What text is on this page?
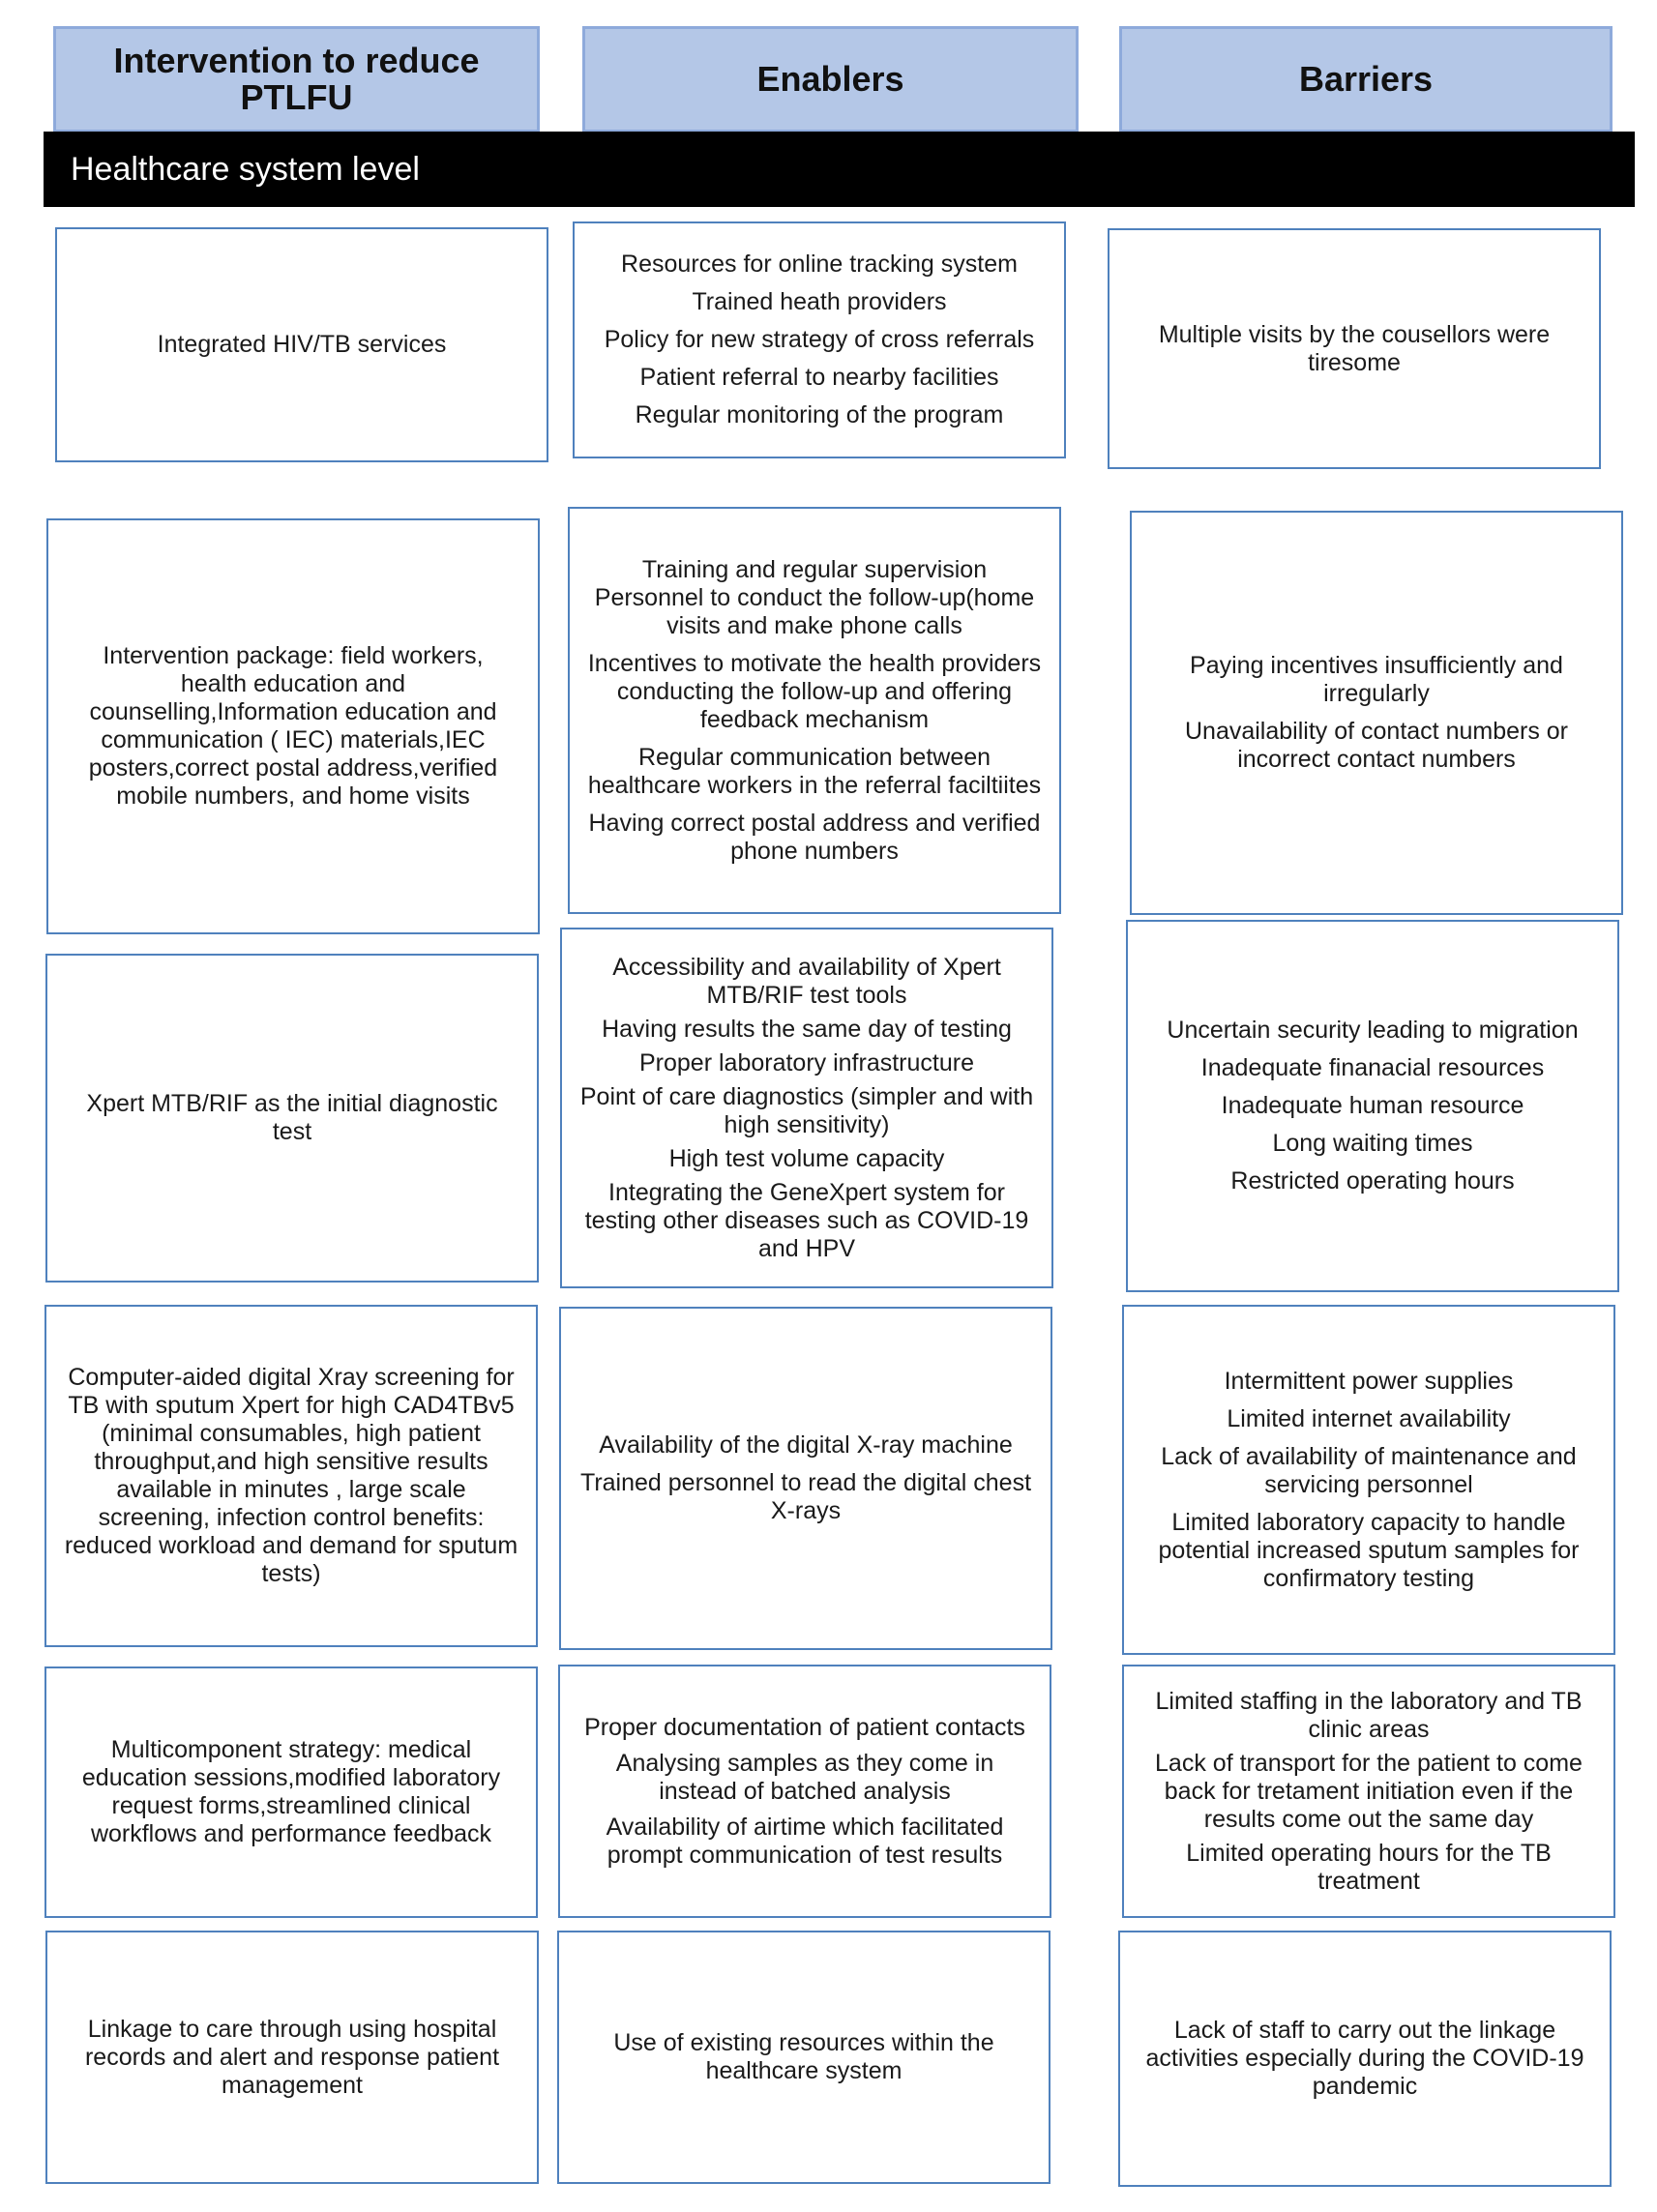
Intervention to reduce PTLFU	Enablers	Barriers
Healthcare system level
Integrated HIV/TB services
Resources for online tracking system
Trained heath providers
Policy for new strategy of cross referrals
Patient referral to nearby facilities
Regular monitoring of the program
Multiple visits by the cousellors were tiresome
Intervention package: field workers, health education and counselling,Information education and communication ( IEC) materials,IEC posters,correct postal address,verified mobile numbers, and home visits
Training and regular supervision Personnel to conduct the follow-up(home visits and make phone calls
Incentives to motivate the health providers conducting the follow-up and offering feedback mechanism
Regular communication between healthcare workers in the referral faciltiites
Having correct postal address and verified phone numbers
Paying incentives insufficiently and irregularly
Unavailability of contact numbers or incorrect contact numbers
Xpert MTB/RIF as the initial diagnostic test
Accessibility and availability of Xpert MTB/RIF test tools
Having results the same day of testing
Proper laboratory infrastructure
Point of care diagnostics (simpler and with high sensitivity)
High test volume capacity
Integrating the GeneXpert system for testing other diseases such as COVID-19 and HPV
Uncertain security leading to migration
Inadequate finanacial resources
Inadequate human resource
Long waiting times
Restricted operating hours
Computer-aided digital Xray screening for TB with sputum Xpert for high CAD4TBv5 (minimal consumables, high patient throughput,and high sensitive results available in minutes , large scale screening, infection control benefits: reduced workload and demand for sputum tests)
Availability of the digital X-ray machine
Trained personnel to read the digital chest X-rays
Intermittent power supplies
Limited internet availability
Lack of availability of maintenance and servicing personnel
Limited laboratory capacity to handle potential increased sputum samples for confirmatory testing
Multicomponent strategy: medical education sessions,modified laboratory request forms,streamlined clinical workflows and performance feedback
Proper documentation of patient contacts
Analysing samples as they come in instead of batched analysis
Availability of airtime which facilitated prompt communication of test results
Limited staffing in the laboratory and TB clinic areas
Lack of transport for the patient to come back for tretament initiation even if the results come out the same day
Limited operating hours for the TB treatment
Linkage to care through using hospital records and alert and response patient management
Use of existing resources within the healthcare system
Lack of staff to carry out the linkage activities especially during the COVID-19 pandemic
